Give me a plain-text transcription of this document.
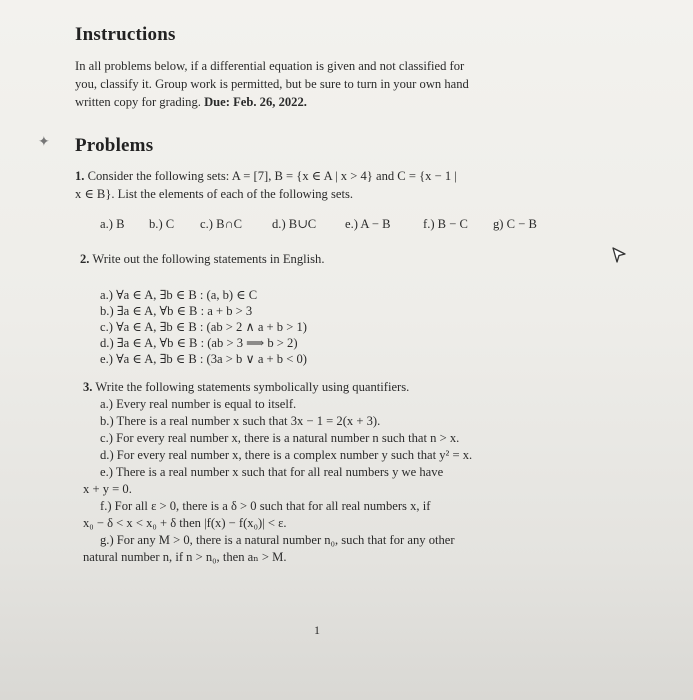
Instructions
In all problems below, if a differential equation is given and not classified for
you, classify it. Group work is permitted, but be sure to turn in your own hand
written copy for grading. Due: Feb. 26, 2022.
✦ Problems
1. Consider the following sets: A = [7], B = {x ∈ A | x > 4} and C = {x − 1 |
x ∈ B}. List the elements of each of the following sets.
a.) B b.) C c.) B∩C d.) B∪C e.) A − B	f.) B − C g) C − B
2. Write out the following statements in English.
a.) ∀a ∈ A, ∃b ∈ B : (a, b) ∈ C
b.) ∃a ∈ A, ∀b ∈ B : a + b > 3
c.) ∀a ∈ A, ∃b ∈ B : (ab > 2 ∧ a + b > 1)
d.) ∃a ∈ A, ∀b ∈ B : (ab > 3 ⟹ b > 2)
e.) ∀a ∈ A, ∃b ∈ B : (3a > b ∨ a + b < 0)
3. Write the following statements symbolically using quantifiers.
a.) Every real number is equal to itself.
b.) There is a real number x such that 3x − 1 = 2(x + 3).
c.) For every real number x, there is a natural number n such that n > x.
d.) For every real number x, there is a complex number y such that y² = x.
e.) There is a real number x such that for all real numbers y we have
x + y = 0.
f.) For all ε > 0, there is a δ > 0 such that for all real numbers x, if
x₀ − δ < x < x₀ + δ then |f(x) − f(x₀)| < ε.
g.) For any M > 0, there is a natural number n₀, such that for any other
natural number n, if n > n₀, then aₙ > M.
1
